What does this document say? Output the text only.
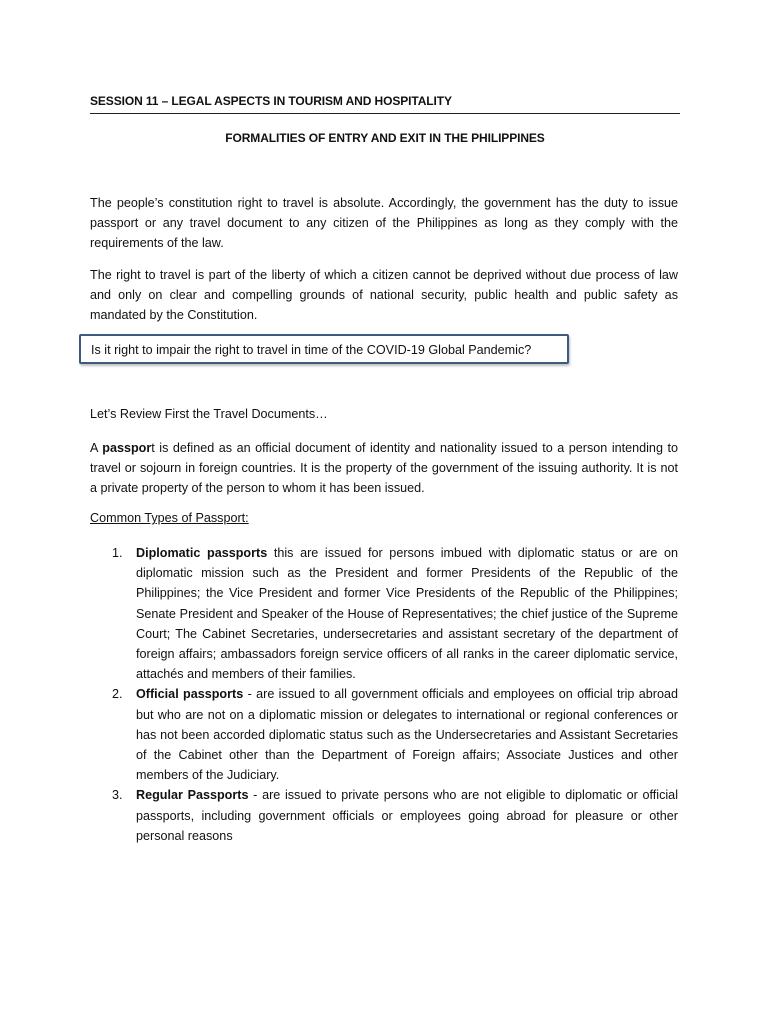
SESSION 11 – LEGAL ASPECTS IN TOURISM AND HOSPITALITY
FORMALITIES OF ENTRY AND EXIT IN THE PHILIPPINES

The people’s constitution right to travel is absolute. Accordingly, the government has the duty to issue passport or any travel document to any citizen of the Philippines as long as they comply with the requirements of the law.

The right to travel is part of the liberty of which a citizen cannot be deprived without due process of law and only on clear and compelling grounds of national security, public health and public safety as mandated by the Constitution.

Is it right to impair the right to travel in time of the COVID-19 Global Pandemic?

Let’s Review First the Travel Documents…

A passport is defined as an official document of identity and nationality issued to a person intending to travel or sojourn in foreign countries. It is the property of the government of the issuing authority. It is not a private property of the person to whom it has been issued.

Common Types of Passport:
1. Diplomatic passports this are issued for persons imbued with diplomatic status or are on diplomatic mission such as the President and former Presidents of the Republic of the Philippines; the Vice President and former Vice Presidents of the Republic of the Philippines; Senate President and Speaker of the House of Representatives; the chief justice of the Supreme Court; The Cabinet Secretaries, undersecretaries and assistant secretary of the department of foreign affairs; ambassadors foreign service officers of all ranks in the career diplomatic service, attachés and members of their families.
2. Official passports - are issued to all government officials and employees on official trip abroad but who are not on a diplomatic mission or delegates to international or regional conferences or has not been accorded diplomatic status such as the Undersecretaries and Assistant Secretaries of the Cabinet other than the Department of Foreign affairs; Associate Justices and other members of the Judiciary.
3. Regular Passports - are issued to private persons who are not eligible to diplomatic or official passports, including government officials or employees going abroad for pleasure or other personal reasons
